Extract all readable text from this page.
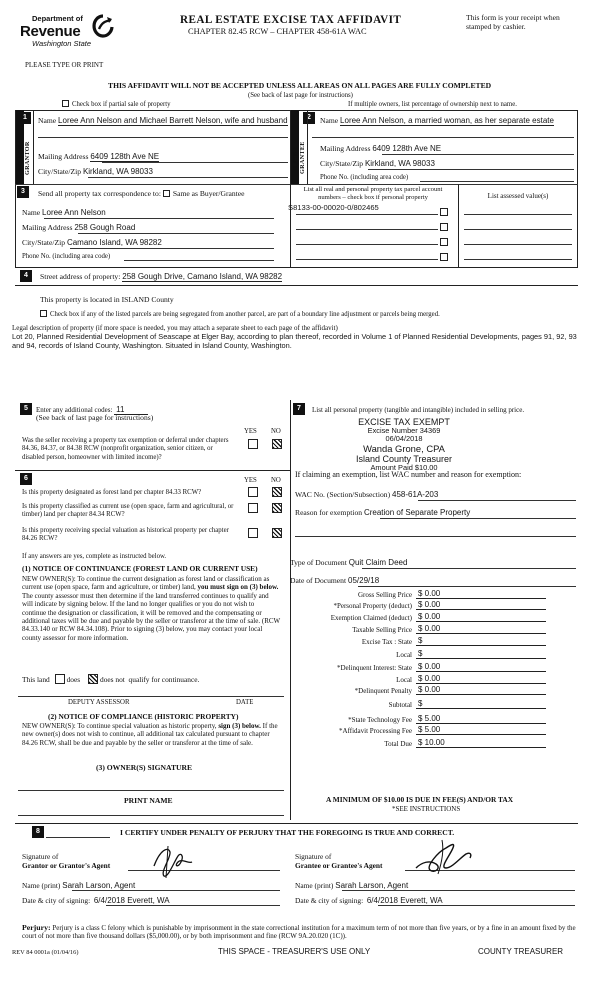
Department of
Revenue
Washington State
REAL ESTATE EXCISE TAX AFFIDAVIT
CHAPTER 82.45 RCW – CHAPTER 458-61A WAC
This form is your receipt when stamped by cashier.
PLEASE TYPE OR PRINT
THIS AFFIDAVIT WILL NOT BE ACCEPTED UNLESS ALL AREAS ON ALL PAGES ARE FULLY COMPLETED
(See back of last page for instructions)
Check box if partial sale of property	If multiple owners, list percentage of ownership next to name.
1
SELLER GRANTOR
Name Loree Ann Nelson and Michael Barrett Nelson, wife and husband
Mailing Address 6409 128th Ave NE
City/State/Zip Kirkland, WA 98033
2
BUYER GRANTEE
Name Loree Ann Nelson, a married woman, as her separate estate
Mailing Address 6409 128th Ave NE
City/State/Zip Kirkland, WA 98033
Phone No. (including area code)
3	Send all property tax correspondence to: Same as Buyer/Grantee
Name Loree Ann Nelson
Mailing Address 258 Gough Road
City/State/Zip Camano Island, WA 98282
Phone No. (including area code)
List all real and personal property tax parcel account numbers – check box if personal property	List assessed value(s)
S8133-00-00020-0/802465
4	Street address of property: 258 Gough Drive, Camano Island, WA 98282
This property is located in ISLAND County
Check box if any of the listed parcels are being segregated from another parcel, are part of a boundary line adjustment or parcels being merged.
Legal description of property (if more space is needed, you may attach a separate sheet to each page of the affidavit)
Lot 20, Planned Residential Development of Seascape at Elger Bay, according to plan thereof, recorded in Volume 1 of Planned Residential Developments, pages 91, 92, 93 and 94, records of Island County, Washington. Situated in Island County, Washington.
5	Enter any additional codes: 11
(See back of last page for instructions)
YES NO
Was the seller receiving a property tax exemption or deferral under chapters 84.36, 84.37, or 84.38 RCW (nonprofit organization, senior citizen, or disabled person, homeowner with limited income)?
6	YES NO
Is this property designated as forest land per chapter 84.33 RCW?
Is this property classified as current use (open space, farm and agricultural, or timber) land per chapter 84.34 RCW?
Is this property receiving special valuation as historical property per chapter 84.26 RCW?
If any answers are yes, complete as instructed below.
(1) NOTICE OF CONTINUANCE (FOREST LAND OR CURRENT USE)
NEW OWNER(S): To continue the current designation as forest land or classification as current use (open space, farm and agriculture, or timber) land, you must sign on (3) below. The county assessor must then determine if the land transferred continues to qualify and will indicate by signing below. If the land no longer qualifies or you do not wish to continue the designation or classification, it will be removed and the compensating or additional taxes will be due and payable by the seller or transferor at the time of sale. (RCW 84.33.140 or RCW 84.34.108). Prior to signing (3) below, you may contact your local county assessor for more information.
This land does	does not qualify for continuance.
DEPUTY ASSESSOR	DATE
(2) NOTICE OF COMPLIANCE (HISTORIC PROPERTY)
NEW OWNER(S): To continue special valuation as historic property, sign (3) below. If the new owner(s) does not wish to continue, all additional tax calculated pursuant to chapter 84.26 RCW, shall be due and payable by the seller or transferor at the time of sale.
(3) OWNER(S) SIGNATURE
PRINT NAME
7	List all personal property (tangible and intangible) included in selling price.
EXCISE TAX EXEMPT
Excise Number 34369
06/04/2018
Wanda Grone, CPA
Island County Treasurer
Amount Paid $10.00
If claiming an exemption, list WAC number and reason for exemption:
WAC No. (Section/Subsection) 458-61A-203
Reason for exemption Creation of Separate Property
Type of Document Quit Claim Deed
Date of Document 05/29/18
Gross Selling Price $ 0.00
*Personal Property (deduct) $ 0.00
Exemption Claimed (deduct) $ 0.00
Taxable Selling Price $ 0.00
Excise Tax : State $
Local $
*Delinquent Interest: State $ 0.00
Local $ 0.00
*Delinquent Penalty $ 0.00
Subtotal $
*State Technology Fee $ 5.00
*Affidavit Processing Fee $ 5.00
Total Due $ 10.00
A MINIMUM OF $10.00 IS DUE IN FEE(S) AND/OR TAX
*SEE INSTRUCTIONS
8	I CERTIFY UNDER PENALTY OF PERJURY THAT THE FOREGOING IS TRUE AND CORRECT.
Signature of
Grantor or Grantor's Agent
Name (print) Sarah Larson, Agent
Date & city of signing: 6/4/2018 Everett, WA
Signature of
Grantee or Grantee's Agent
Name (print) Sarah Larson, Agent
Date & city of signing: 6/4/2018 Everett, WA
Perjury: Perjury is a class C felony which is punishable by imprisonment in the state correctional institution for a maximum term of not more than five years, or by a fine in an amount fixed by the court of not more than five thousand dollars ($5,000.00), or by both imprisonment and fine (RCW 9A.20.020 (1C)).
REV 84 0001a (01/04/16)	THIS SPACE - TREASURER'S USE ONLY	COUNTY TREASURER
